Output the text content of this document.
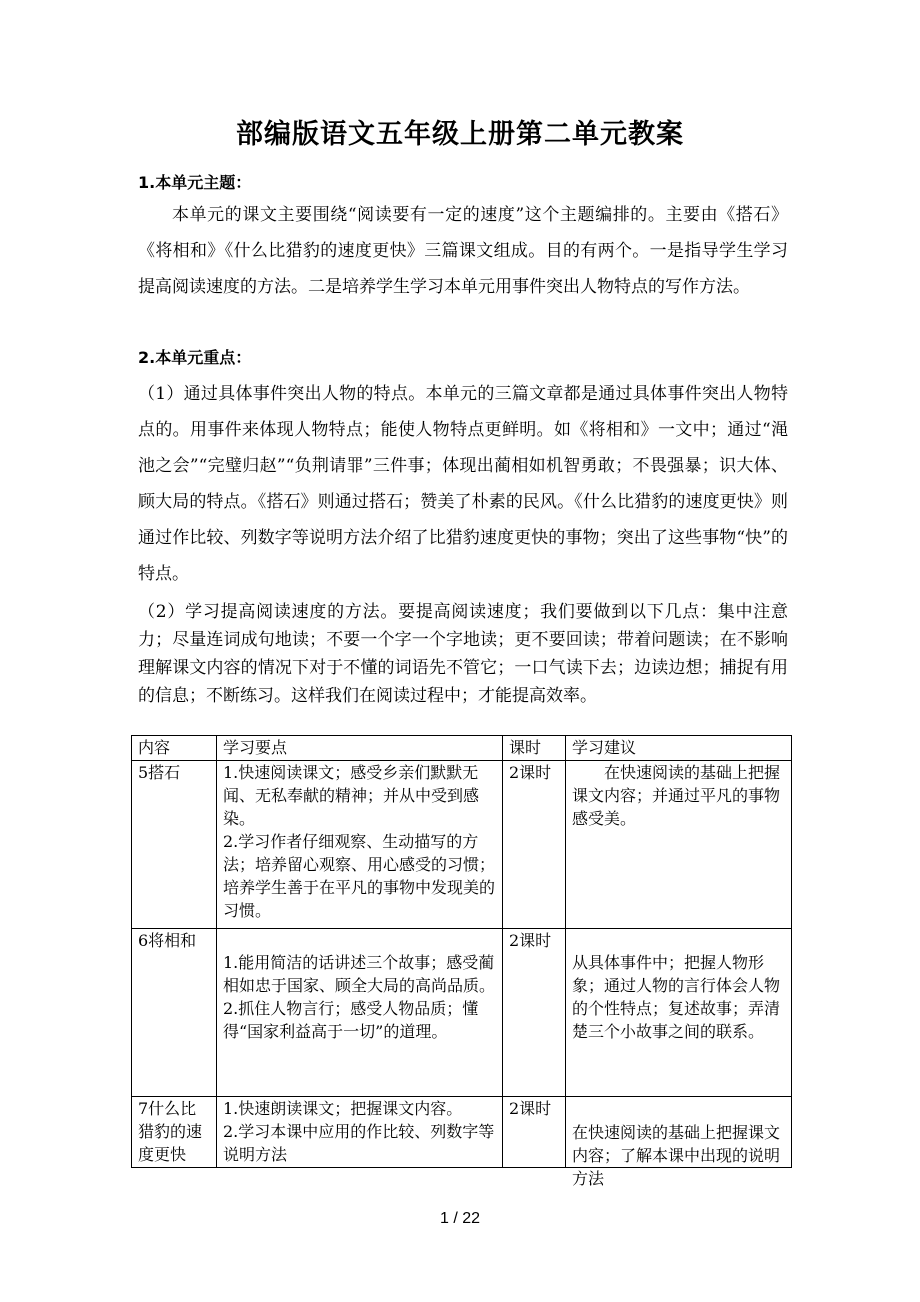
部编版语文五年级上册第二单元教案
1.本单元主题：
本单元的课文主要围绕“阅读要有一定的速度”这个主题编排的。主要由《搭石》《将相和》《什么比猎豹的速度更快》三篇课文组成。目的有两个。一是指导学生学习提高阅读速度的方法。二是培养学生学习本单元用事件突出人物特点的写作方法。
2.本单元重点：
（1）通过具体事件突出人物的特点。本单元的三篇文章都是通过具体事件突出人物特点的。用事件来体现人物特点；能使人物特点更鲜明。如《将相和》一文中；通过“渑池之会”“完璧归赵”“负荆请罪”三件事；体现出蔺相如机智勇敢；不畏强暴；识大体、顾大局的特点。《搭石》则通过搭石；赞美了朴素的民风。《什么比猎豹的速度更快》则通过作比较、列数字等说明方法介绍了比猎豹速度更快的事物；突出了这些事物“快”的特点。
（2）学习提高阅读速度的方法。要提高阅读速度；我们要做到以下几点：集中注意力；尽量连词成句地读；不要一个字一个字地读；更不要回读；带着问题读；在不影响理解课文内容的情况下对于不懂的词语先不管它；一口气读下去；边读边想；捕捉有用的信息；不断练习。这样我们在阅读过程中；才能提高效率。
内容	学习要点	课时	学习建议
5搭石	1.快速阅读课文；感受乡亲们默默无闻、无私奉献的精神；并从中受到感染。
2.学习作者仔细观察、生动描写的方法；培养留心观察、用心感受的习惯；培养学生善于在平凡的事物中发现美的习惯。	2课时	在快速阅读的基础上把握课文内容；并通过平凡的事物感受美。
6将相和	1.能用简洁的话讲述三个故事；感受蔺相如忠于国家、顾全大局的高尚品质。
2.抓住人物言行；感受人物品质；懂得“国家利益高于一切”的道理。	2课时	从具体事件中；把握人物形象；通过人物的言行体会人物的个性特点；复述故事；弄清楚三个小故事之间的联系。

7什么比猎豹的速度更快	1.快速朗读课文；把握课文内容。
2.学习本课中应用的作比较、列数字等说明方法	2课时	在快速阅读的基础上把握课文内容；了解本课中出现的说明方法
1 / 22
